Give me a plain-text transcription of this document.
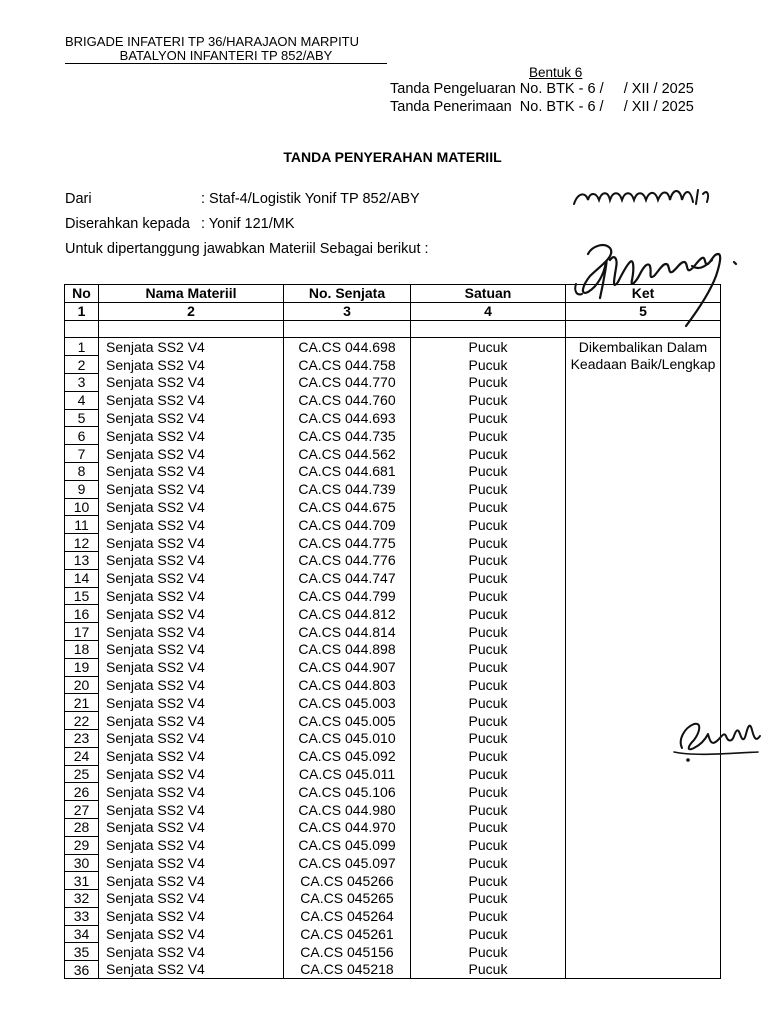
BRIGADE INFATERI TP 36/HARAJAON MARPITU
BATALYON INFANTERI TP 852/ABY
Bentuk 6
Tanda Pengeluaran No. BTK - 6 /     / XII / 2025
Tanda Penerimaan  No. BTK - 6 /     / XII / 2025
TANDA PENYERAHAN MATERIIL
Dari	: Staf-4/Logistik Yonif TP 852/ABY
Diserahkan kepada : Yonif 121/MK
Untuk dipertanggung jawabkan Materiil Sebagai berikut :
No	Nama Materiil	No. Senjata	Satuan	Ket
1	2	3	4	5

1	Senjata SS2 V4	CA.CS 044.698	Pucuk	Dikembalikan Dalam Keadaan Baik/Lengkap

2	Senjata SS2 V4	CA.CS 044.758	Pucuk	
3	Senjata SS2 V4	CA.CS 044.770	Pucuk	
4	Senjata SS2 V4	CA.CS 044.760	Pucuk	
5	Senjata SS2 V4	CA.CS 044.693	Pucuk	
6	Senjata SS2 V4	CA.CS 044.735	Pucuk	
7	Senjata SS2 V4	CA.CS 044.562	Pucuk	
8	Senjata SS2 V4	CA.CS 044.681	Pucuk	
9	Senjata SS2 V4	CA.CS 044.739	Pucuk	
10	Senjata SS2 V4	CA.CS 044.675	Pucuk	
11	Senjata SS2 V4	CA.CS 044.709	Pucuk	
12	Senjata SS2 V4	CA.CS 044.775	Pucuk	
13	Senjata SS2 V4	CA.CS 044.776	Pucuk	
14	Senjata SS2 V4	CA.CS 044.747	Pucuk	
15	Senjata SS2 V4	CA.CS 044.799	Pucuk	
16	Senjata SS2 V4	CA.CS 044.812	Pucuk	
17	Senjata SS2 V4	CA.CS 044.814	Pucuk	
18	Senjata SS2 V4	CA.CS 044.898	Pucuk	
19	Senjata SS2 V4	CA.CS 044.907	Pucuk	
20	Senjata SS2 V4	CA.CS 044.803	Pucuk	
21	Senjata SS2 V4	CA.CS 045.003	Pucuk	
22	Senjata SS2 V4	CA.CS 045.005	Pucuk	
23	Senjata SS2 V4	CA.CS 045.010	Pucuk	
24	Senjata SS2 V4	CA.CS 045.092	Pucuk	
25	Senjata SS2 V4	CA.CS 045.011	Pucuk	
26	Senjata SS2 V4	CA.CS 045.106	Pucuk	
27	Senjata SS2 V4	CA.CS 044.980	Pucuk	
28	Senjata SS2 V4	CA.CS 044.970	Pucuk	
29	Senjata SS2 V4	CA.CS 045.099	Pucuk	
30	Senjata SS2 V4	CA.CS 045.097	Pucuk	
31	Senjata SS2 V4	CA.CS 045266	Pucuk	
32	Senjata SS2 V4	CA.CS 045265	Pucuk	
33	Senjata SS2 V4	CA.CS 045264	Pucuk	
34	Senjata SS2 V4	CA.CS 045261	Pucuk	
35	Senjata SS2 V4	CA.CS 045156	Pucuk	
36	Senjata SS2 V4	CA.CS 045218	Pucuk	
